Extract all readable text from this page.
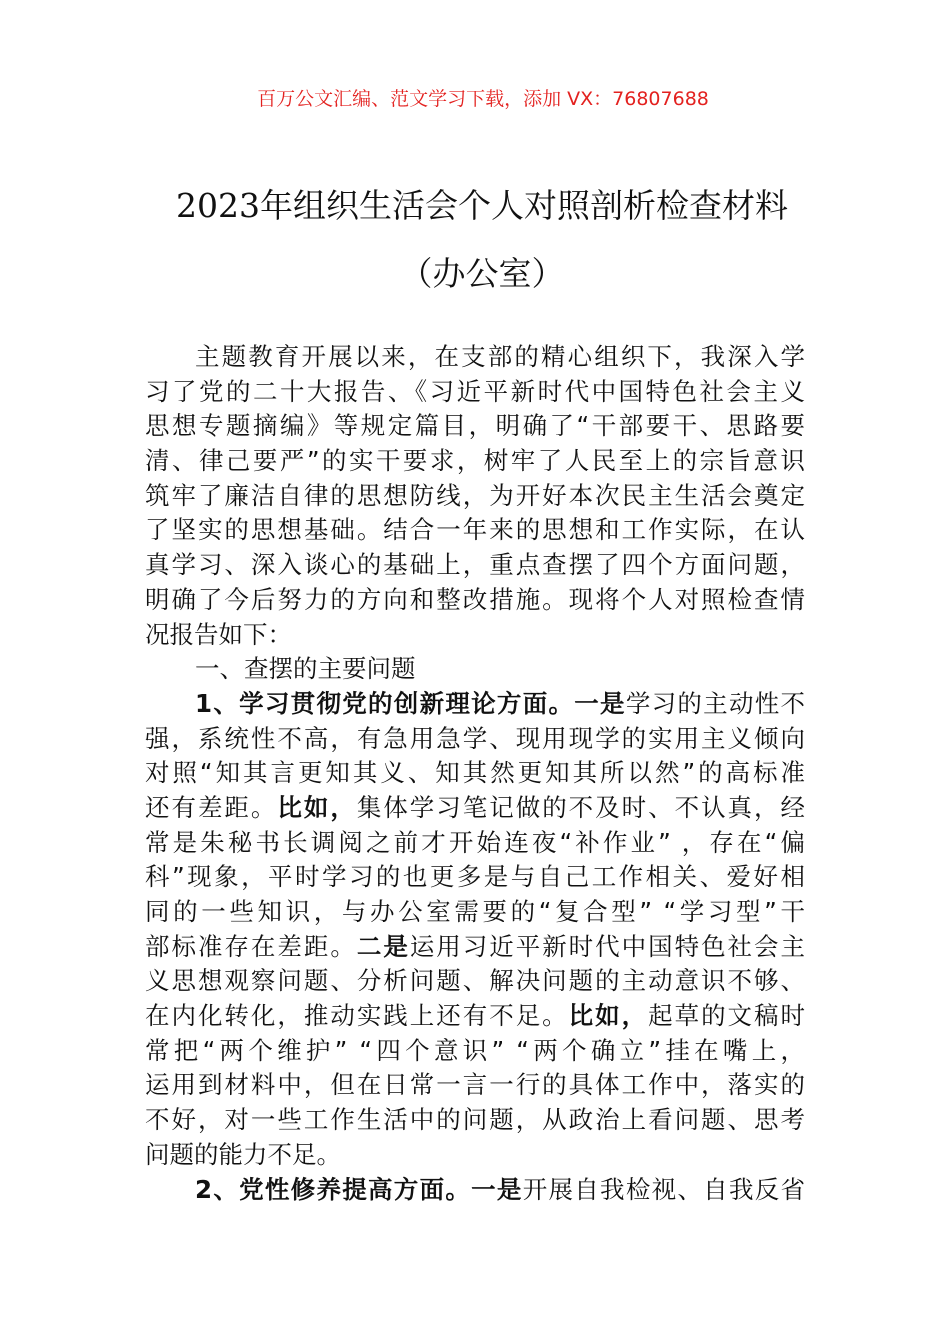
百万公文汇编、范文学习下载，添加 VX：76807688
2023年组织生活会个人对照剖析检查材料
（办公室）
主题教育开展以来，在支部的精心组织下，我深入学
习了党的二十大报告、《习近平新时代中国特色社会主义
思想专题摘编》等规定篇目，明确了“干部要干、思路要
清、律己要严”的实干要求，树牢了人民至上的宗旨意识
筑牢了廉洁自律的思想防线，为开好本次民主生活会奠定
了坚实的思想基础。结合一年来的思想和工作实际，在认
真学习、深入谈心的基础上，重点查摆了四个方面问题，
明确了今后努力的方向和整改措施。现将个人对照检查情
况报告如下：
一、查摆的主要问题
1、学习贯彻党的创新理论方面。一是学习的主动性不
强，系统性不高，有急用急学、现用现学的实用主义倾向
对照“知其言更知其义、知其然更知其所以然”的高标准
还有差距。比如，集体学习笔记做的不及时、不认真，经
常是朱秘书长调阅之前才开始连夜“补作业” ，存在“偏
科”现象，平时学习的也更多是与自己工作相关、爱好相
同的一些知识，与办公室需要的“复合型” “学习型”干
部标准存在差距。二是运用习近平新时代中国特色社会主
义思想观察问题、分析问题、解决问题的主动意识不够、
在内化转化，推动实践上还有不足。比如，起草的文稿时
常把“两个维护” “四个意识” “两个确立”挂在嘴上，
运用到材料中，但在日常一言一行的具体工作中，落实的
不好，对一些工作生活中的问题，从政治上看问题、思考
问题的能力不足。
2、党性修养提高方面。一是开展自我检视、自我反省
